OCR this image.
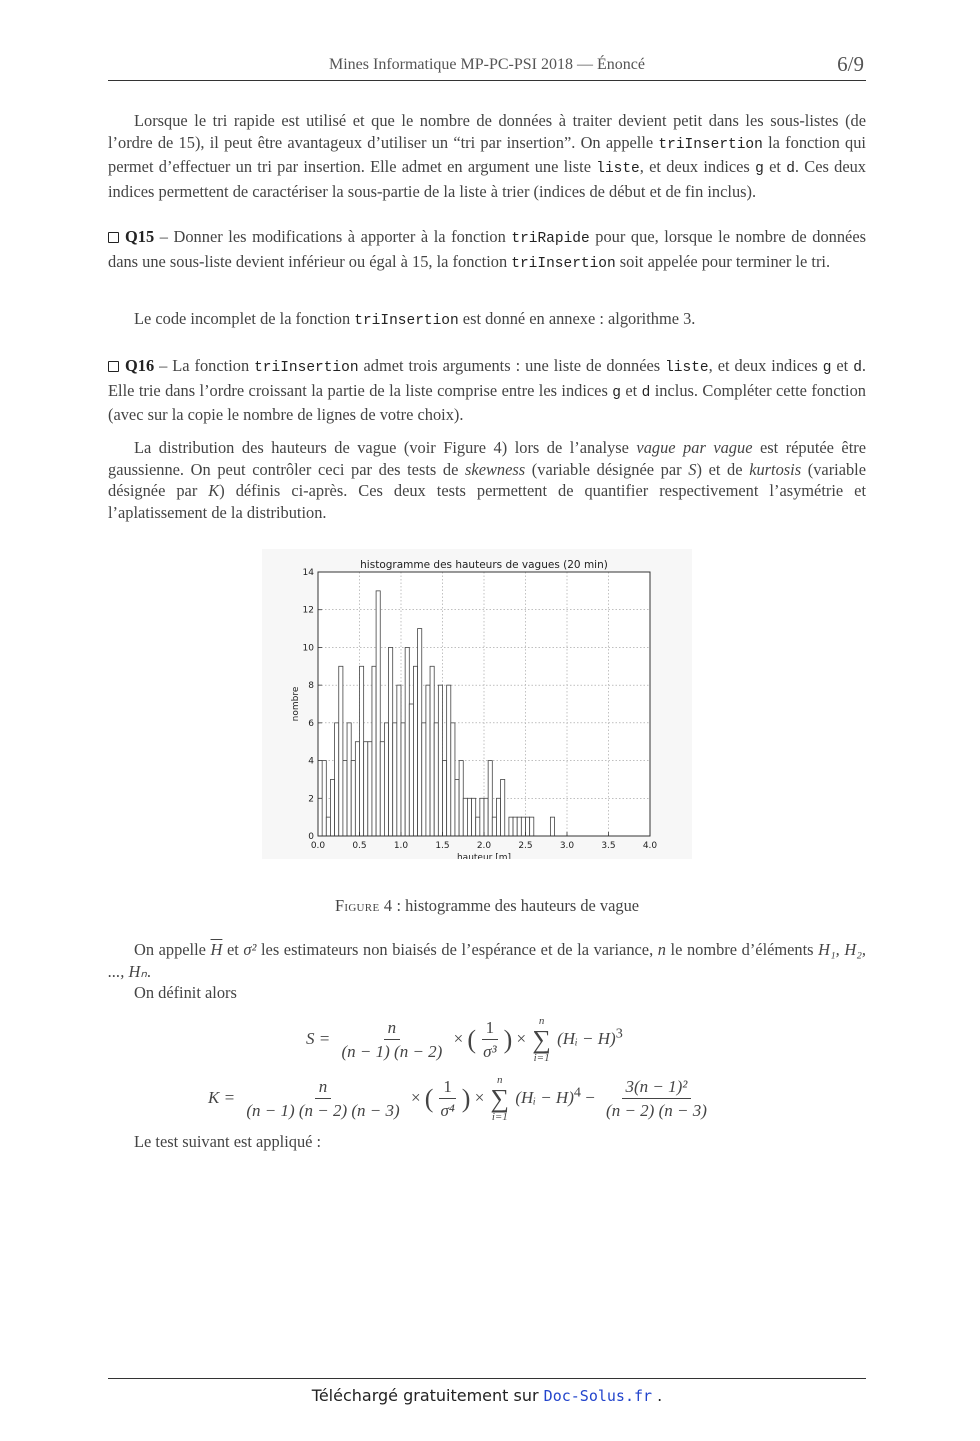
Mines Informatique MP-PC-PSI 2018 — Énoncé	6/9
Lorsque le tri rapide est utilisé et que le nombre de données à traiter devient petit dans les sous-listes (de l’ordre de 15), il peut être avantageux d’utiliser un “tri par insertion”. On appelle triInsertion la fonction qui permet d’effectuer un tri par insertion. Elle admet en argument une liste liste, et deux indices g et d. Ces deux indices permettent de caractériser la sous-partie de la liste à trier (indices de début et de fin inclus).
Q15 – Donner les modifications à apporter à la fonction triRapide pour que, lorsque le nombre de données dans une sous-liste devient inférieur ou égal à 15, la fonction triInsertion soit appelée pour terminer le tri.
Le code incomplet de la fonction triInsertion est donné en annexe : algorithme 3.
Q16 – La fonction triInsertion admet trois arguments : une liste de données liste, et deux indices g et d. Elle trie dans l’ordre croissant la partie de la liste comprise entre les indices g et d inclus. Compléter cette fonction (avec sur la copie le nombre de lignes de votre choix).
La distribution des hauteurs de vague (voir Figure 4) lors de l’analyse vague par vague est réputée être gaussienne. On peut contrôler ceci par des tests de skewness (variable désignée par S) et de kurtosis (variable désignée par K) définis ci-après. Ces deux tests permettent de quantifier respectivement l’asymétrie et l’aplatissement de la distribution.
0.0	0.5	1.0	1.5	2.0	2.5	3.0	3.5	4.0
0
2
4
6
8
10
12
14
histogramme des hauteurs de vagues (20 min)
hauteur [m]
nombre
Figure 4 : histogramme des hauteurs de vague
On appelle $\overline{H}$ et σ² les estimateurs non biaisés de l’espérance et de la variance, n le nombre d’éléments H₁, H₂, ..., Hₙ.
On définit alors
$S = \frac{n}{(n - 1) (n - 2)}$ × ( $\frac{1}{\text{σ³}}$ ) ×
n
∑
i=1
(Hᵢ − H)$^3$
$K = \frac{n}{(n - 1) (n - 2) (n - 3)}$ × ( $\frac{1}{\text{σ⁴}}$ ) ×
n
∑
i=1
(Hᵢ − $H)^4 - \frac{\text{3(n − 1)²}}{(n - 2) (n - 3)}$
Le test suivant est appliqué :
Téléchargé gratuitement sur Doc-Solus.fr .
